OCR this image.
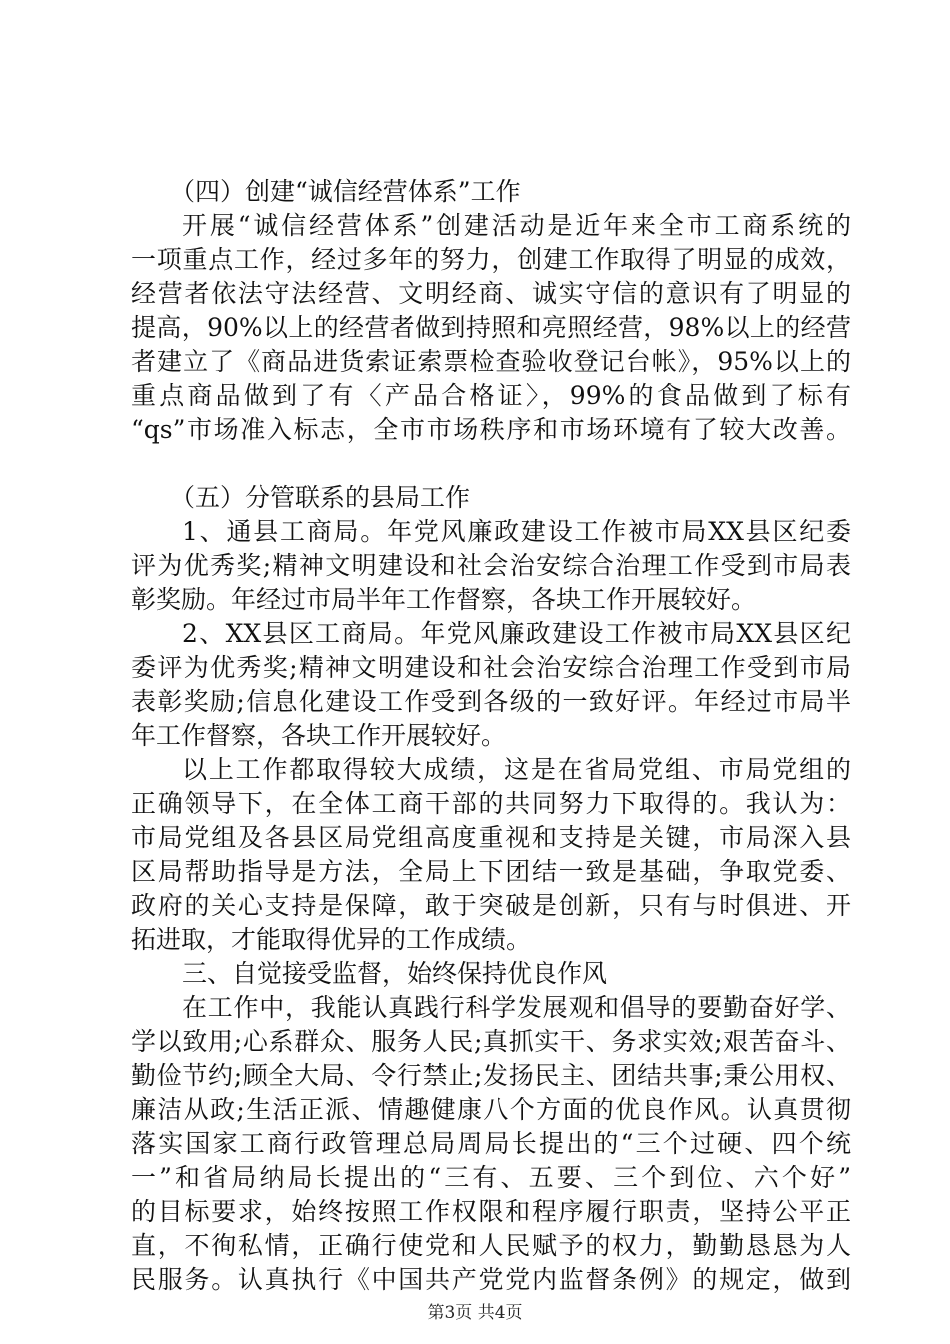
（四）创建“诚信经营体系”工作
开展“诚信经营体系”创建活动是近年来全市工商系统的
一项重点工作，经过多年的努力，创建工作取得了明显的成效，
经营者依法守法经营、文明经商、诚实守信的意识有了明显的
提高，90%以上的经营者做到持照和亮照经营，98%以上的经营
者建立了《商品进货索证索票检查验收登记台帐》，95%以上的
重点商品做到了有〈产品合格证〉，99%的食品做到了标有
“qs”市场准入标志，全市市场秩序和市场环境有了较大改善。
（五）分管联系的县局工作
1、通县工商局。年党风廉政建设工作被市局XX县区纪委
评为优秀奖;精神文明建设和社会治安综合治理工作受到市局表
彰奖励。年经过市局半年工作督察，各块工作开展较好。
2、XX县区工商局。年党风廉政建设工作被市局XX县区纪
委评为优秀奖;精神文明建设和社会治安综合治理工作受到市局
表彰奖励;信息化建设工作受到各级的一致好评。年经过市局半
年工作督察，各块工作开展较好。
以上工作都取得较大成绩，这是在省局党组、市局党组的
正确领导下，在全体工商干部的共同努力下取得的。我认为：
市局党组及各县区局党组高度重视和支持是关键，市局深入县
区局帮助指导是方法，全局上下团结一致是基础，争取党委、
政府的关心支持是保障，敢于突破是创新，只有与时俱进、开
拓进取，才能取得优异的工作成绩。
三、自觉接受监督，始终保持优良作风
在工作中，我能认真践行科学发展观和倡导的要勤奋好学、
学以致用;心系群众、服务人民;真抓实干、务求实效;艰苦奋斗、
勤俭节约;顾全大局、令行禁止;发扬民主、团结共事;秉公用权、
廉洁从政;生活正派、情趣健康八个方面的优良作风。认真贯彻
落实国家工商行政管理总局周局长提出的“三个过硬、四个统
一”和省局纳局长提出的“三有、五要、三个到位、六个好”
的目标要求，始终按照工作权限和程序履行职责，坚持公平正
直，不徇私情，正确行使党和人民赋予的权力，勤勤恳恳为人
民服务。认真执行《中国共产党党内监督条例》的规定，做到
第3页 共4页
